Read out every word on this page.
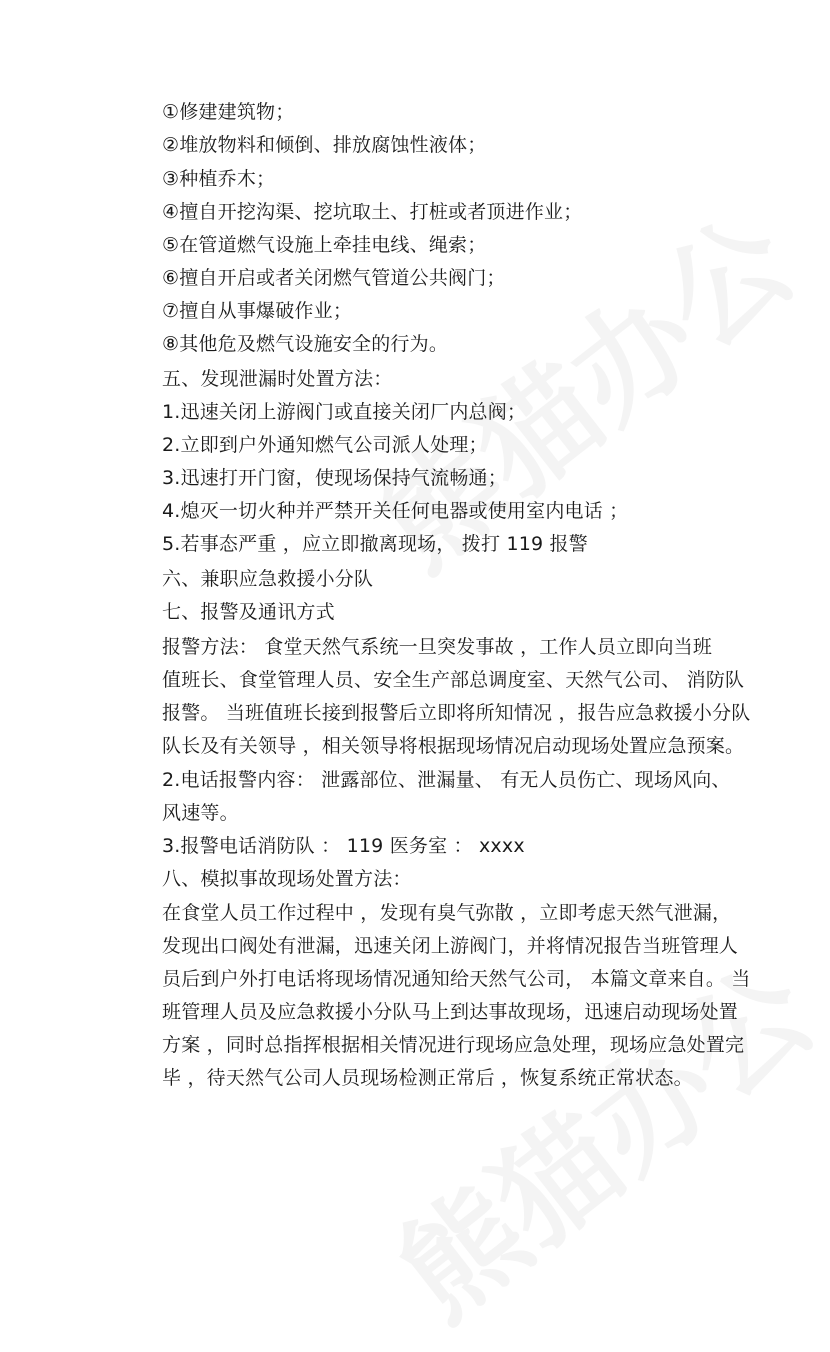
①修建建筑物；
②堆放物料和倾倒、排放腐蚀性液体；
③种植乔木；
④擅自开挖沟渠、挖坑取土、打桩或者顶进作业；
⑤在管道燃气设施上牵挂电线、绳索；
⑥擅自开启或者关闭燃气管道公共阀门；
⑦擅自从事爆破作业；
⑧其他危及燃气设施安全的行为。
五、发现泄漏时处置方法：
1.迅速关闭上游阀门或直接关闭厂内总阀；
2.立即到户外通知燃气公司派人处理；
3.迅速打开门窗，使现场保持气流畅通；
4.熄灭一切火种并严禁开关任何电器或使用室内电话 ；
5.若事态严重 ，应立即撤离现场， 拨打 119 报警
六、兼职应急救援小分队
七、报警及通讯方式
报警方法： 食堂天然气系统一旦突发事故 ，工作人员立即向当班
值班长、食堂管理人员、安全生产部总调度室、天然气公司、 消防队
报警。 当班值班长接到报警后立即将所知情况 ，报告应急救援小分队
队长及有关领导 ，相关领导将根据现场情况启动现场处置应急预案。
2.电话报警内容： 泄露部位、泄漏量、 有无人员伤亡、现场风向、
风速等。
3.报警电话消防队 ： 119 医务室 ： xxxx
八、模拟事故现场处置方法：
在食堂人员工作过程中 ，发现有臭气弥散 ，立即考虑天然气泄漏，
发现出口阀处有泄漏，迅速关闭上游阀门，并将情况报告当班管理人
员后到户外打电话将现场情况通知给天然气公司， 本篇文章来自。 当
班管理人员及应急救援小分队马上到达事故现场，迅速启动现场处置
方案 ，同时总指挥根据相关情况进行现场应急处理，现场应急处置完
毕 ，待天然气公司人员现场检测正常后 ，恢复系统正常状态。
